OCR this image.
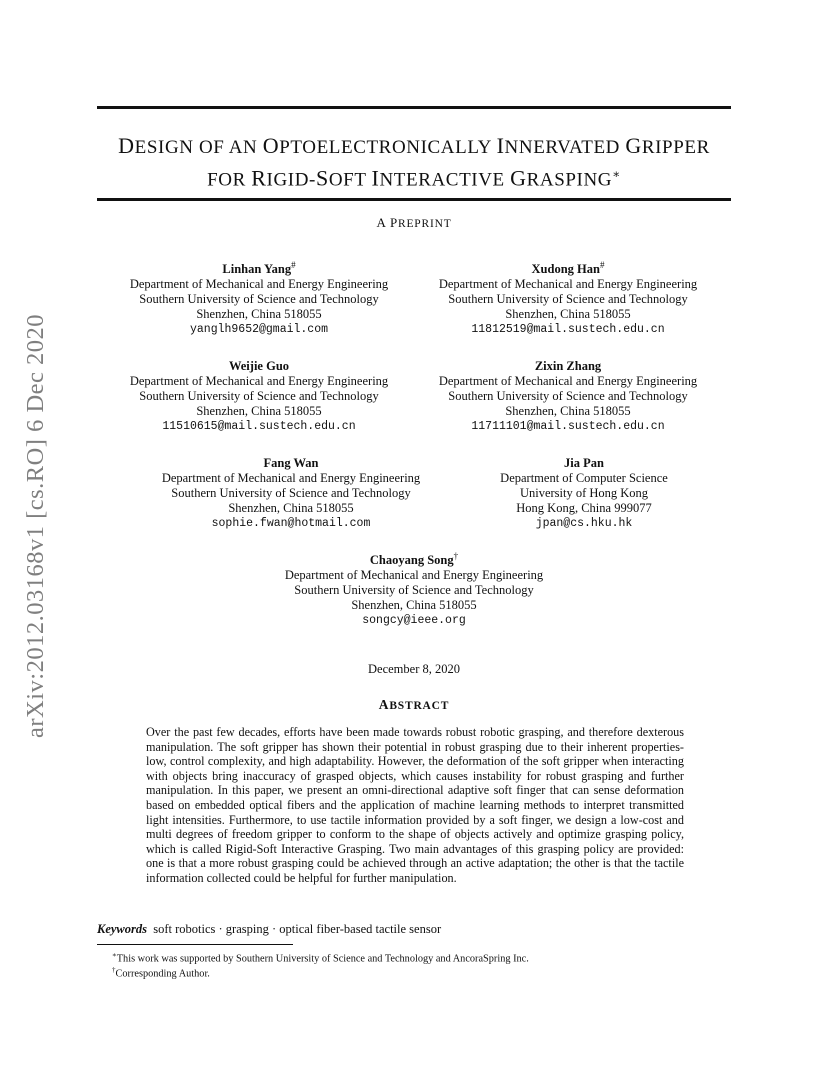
arXiv:2012.03168v1 [cs.RO] 6 Dec 2020
DESIGN OF AN OPTOELECTRONICALLY INNERVATED GRIPPER
FOR RIGID-SOFT INTERACTIVE GRASPING∗
A PREPRINT
Linhan Yang#
Department of Mechanical and Energy Engineering
Southern University of Science and Technology
Shenzhen, China 518055
yanglh9652@gmail.com
Xudong Han#
Department of Mechanical and Energy Engineering
Southern University of Science and Technology
Shenzhen, China 518055
11812519@mail.sustech.edu.cn
Weijie Guo
Department of Mechanical and Energy Engineering
Southern University of Science and Technology
Shenzhen, China 518055
11510615@mail.sustech.edu.cn
Zixin Zhang
Department of Mechanical and Energy Engineering
Southern University of Science and Technology
Shenzhen, China 518055
11711101@mail.sustech.edu.cn
Fang Wan
Department of Mechanical and Energy Engineering
Southern University of Science and Technology
Shenzhen, China 518055
sophie.fwan@hotmail.com
Jia Pan
Department of Computer Science
University of Hong Kong
Hong Kong, China 999077
jpan@cs.hku.hk
Chaoyang Song†
Department of Mechanical and Energy Engineering
Southern University of Science and Technology
Shenzhen, China 518055
songcy@ieee.org
December 8, 2020
ABSTRACT
Over the past few decades, efforts have been made towards robust robotic grasping, and therefore dexterous manipulation. The soft gripper has shown their potential in robust grasping due to their inherent properties-low, control complexity, and high adaptability. However, the deformation of the soft gripper when interacting with objects bring inaccuracy of grasped objects, which causes instability for robust grasping and further manipulation. In this paper, we present an omni-directional adaptive soft finger that can sense deformation based on embedded optical fibers and the application of machine learning methods to interpret transmitted light intensities. Furthermore, to use tactile information provided by a soft finger, we design a low-cost and multi degrees of freedom gripper to conform to the shape of objects actively and optimize grasping policy, which is called Rigid-Soft Interactive Grasping. Two main advantages of this grasping policy are provided: one is that a more robust grasping could be achieved through an active adaptation; the other is that the tactile information collected could be helpful for further manipulation.
Keywords soft robotics · grasping · optical fiber-based tactile sensor
∗This work was supported by Southern University of Science and Technology and AncoraSpring Inc.
†Corresponding Author.
